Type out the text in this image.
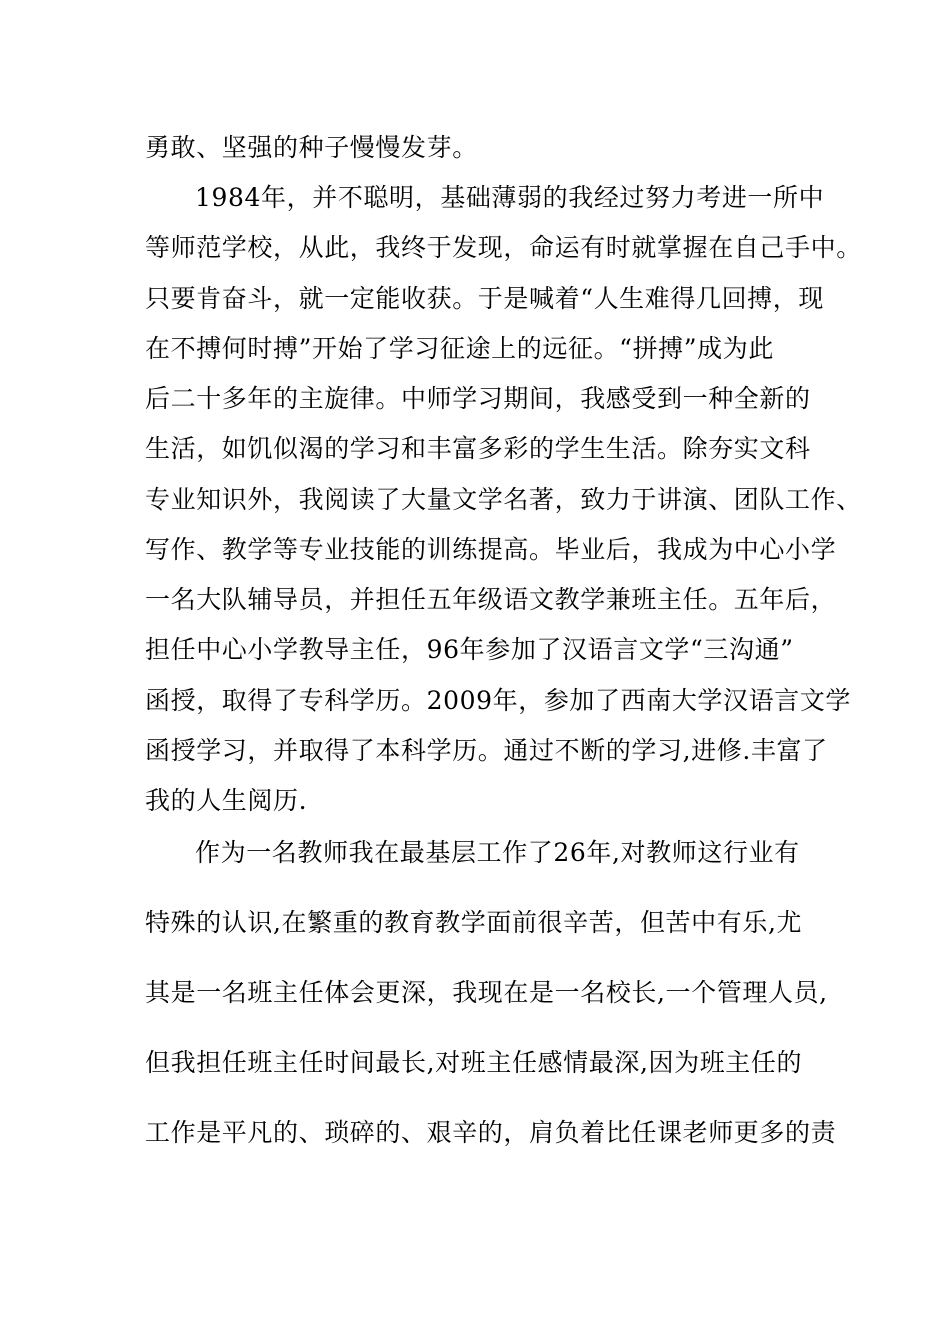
勇敢、坚强的种子慢慢发芽。
1984年，并不聪明，基础薄弱的我经过努力考进一所中
等师范学校，从此，我终于发现，命运有时就掌握在自己手中。
只要肯奋斗，就一定能收获。于是喊着“人生难得几回搏，现
在不搏何时搏”开始了学习征途上的远征。“拼搏”成为此
后二十多年的主旋律。中师学习期间，我感受到一种全新的
生活，如饥似渴的学习和丰富多彩的学生生活。除夯实文科
专业知识外，我阅读了大量文学名著，致力于讲演、团队工作、
写作、教学等专业技能的训练提高。毕业后，我成为中心小学
一名大队辅导员，并担任五年级语文教学兼班主任。五年后，
担任中心小学教导主任，96年参加了汉语言文学“三沟通”
函授，取得了专科学历。2009年，参加了西南大学汉语言文学
函授学习，并取得了本科学历。通过不断的学习,进修.丰富了
我的人生阅历.
作为一名教师我在最基层工作了26年,对教师这行业有
特殊的认识,在繁重的教育教学面前很辛苦，但苦中有乐,尤
其是一名班主任体会更深，我现在是一名校长,一个管理人员,
但我担任班主任时间最长,对班主任感情最深,因为班主任的
工作是平凡的、琐碎的、艰辛的，肩负着比任课老师更多的责
